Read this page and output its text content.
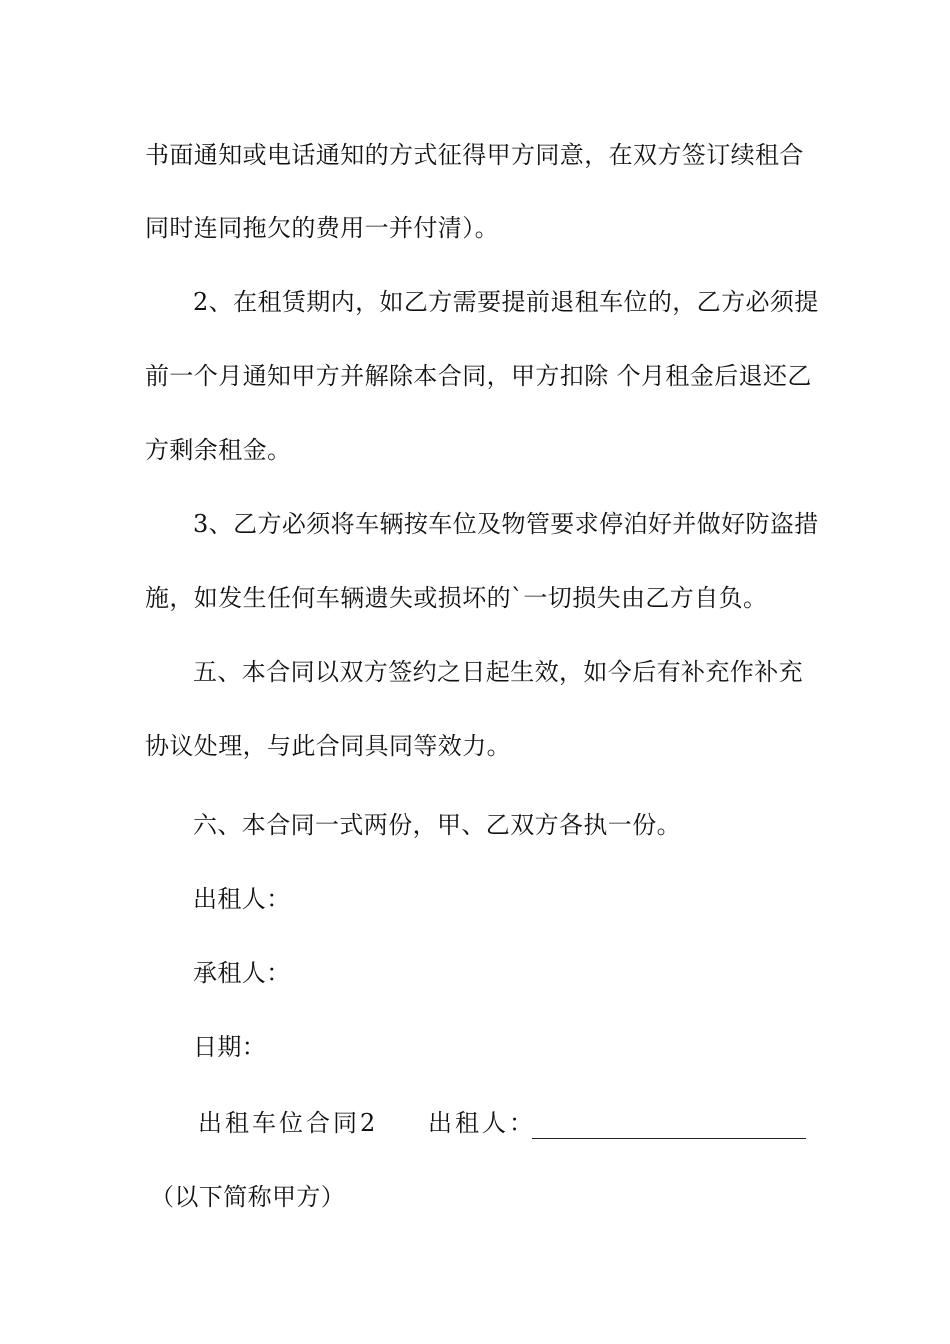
书面通知或电话通知的方式征得甲方同意，在双方签订续租合
同时连同拖欠的费用一并付清）。
2、在租赁期内，如乙方需要提前退租车位的，乙方必须提
前一个月通知甲方并解除本合同，甲方扣除 个月租金后退还乙
方剩余租金。
3、乙方必须将车辆按车位及物管要求停泊好并做好防盗措
施，如发生任何车辆遗失或损坏的`一切损失由乙方自负。
五、本合同以双方签约之日起生效，如今后有补充作补充
协议处理，与此合同具同等效力。
六、本合同一式两份，甲、乙双方各执一份。
出租人：
承租人：
日期：
出租车位合同2 出租人：
（以下简称甲方）
